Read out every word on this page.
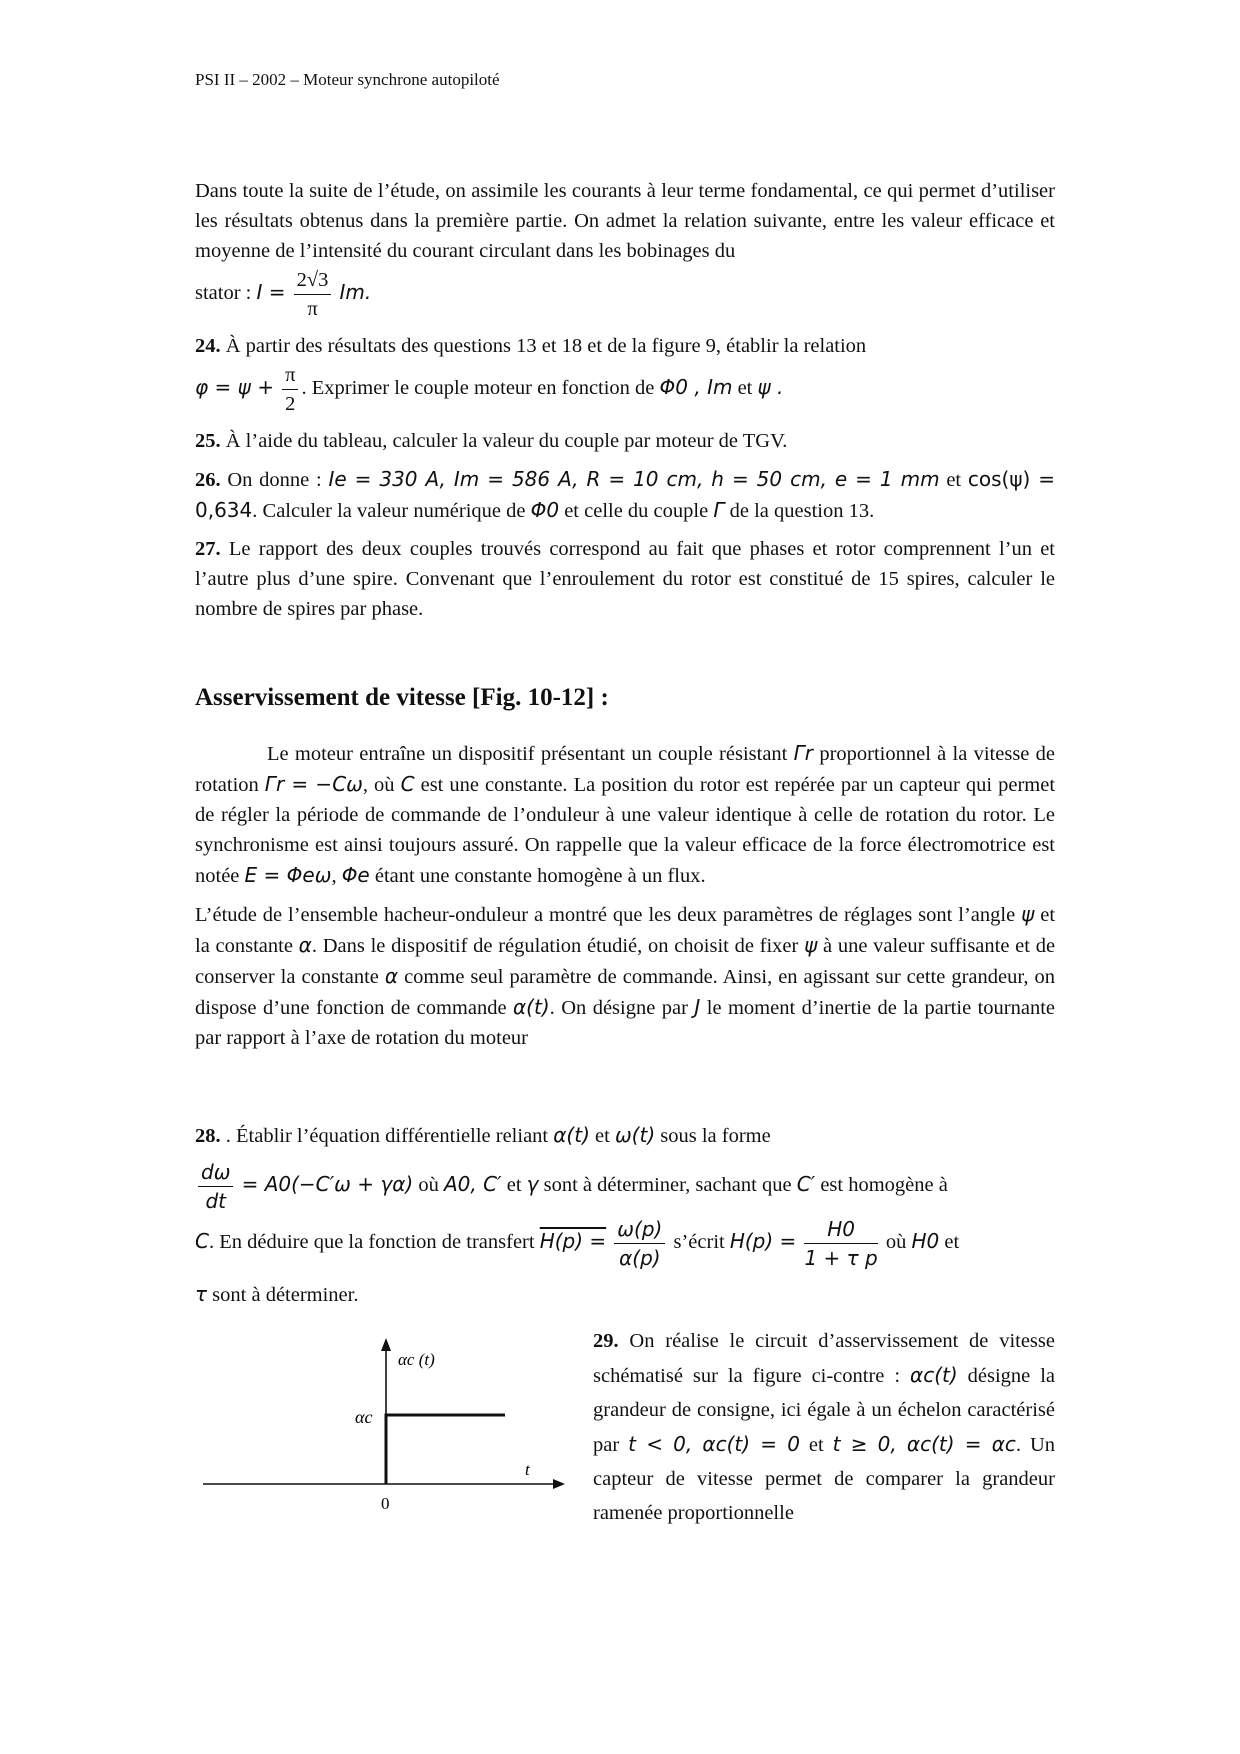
PSI II – 2002 – Moteur synchrone autopiloté

Dans toute la suite de l’étude, on assimile les courants à leur terme fondamental, ce qui permet d’utiliser les résultats obtenus dans la première partie. On admet la relation suivante, entre les valeur efficace et moyenne de l’intensité du courant circulant dans les bobinages du
stator : $I = \frac{2√3}{\pi} Im$.

24. À partir des résultats des questions 13 et 18 et de la figure 9, établir la relation
$\varphi = \psi + \frac{\pi}{2}$ . Exprimer le couple moteur en fonction de Φ0 , Im et ψ .

25. À l’aide du tableau, calculer la valeur du couple par moteur de TGV.

26. On donne : Ie = 330 A, Im = 586 A, R = 10 cm, h = 50 cm, e = 1 mm et cos(ψ) = 0,634. Calculer la valeur numérique de Φ0 et celle du couple Γ de la question 13.

27. Le rapport des deux couples trouvés correspond au fait que phases et rotor comprennent l’un et l’autre plus d’une spire. Convenant que l’enroulement du rotor est constitué de 15 spires, calculer le nombre de spires par phase.

Asservissement de vitesse [Fig. 10-12] :

Le moteur entraîne un dispositif présentant un couple résistant Γr proportionnel à la vitesse de rotation Γr = −Cω, où C est une constante. La position du rotor est repérée par un capteur qui permet de régler la période de commande de l’onduleur à une valeur identique à celle de rotation du rotor. Le synchronisme est ainsi toujours assuré. On rappelle que la valeur efficace de la force électromotrice est notée E = Φeω, Φe étant une constante homogène à un flux.

L’étude de l’ensemble hacheur-onduleur a montré que les deux paramètres de réglages sont l’angle ψ et la constante α. Dans le dispositif de régulation étudié, on choisit de fixer ψ à une valeur suffisante et de conserver la constante α comme seul paramètre de commande. Ainsi, en agissant sur cette grandeur, on dispose d’une fonction de commande α(t). On désigne par J le moment d’inertie de la partie tournante par rapport à l’axe de rotation du moteur

28. . Établir l’équation différentielle reliant α(t) et ω(t) sous la forme

$\frac{d\omega}{dt} = A0(-C'\omega + \gamma\alpha)$ où A0, C′ et γ sont à déterminer, sachant que C′ est homogène à
C. En déduire que la fonction de transfert $H(p) = \frac{\omega(p)}{\alpha(p)}$ s’écrit $H(p) = \frac{H0}{\text{1 + τ p}}$ où H0 et
τ sont à déterminer.
αc (t)
αc
t
0
29. On réalise le circuit d’asservissement de vitesse schématisé sur la figure ci-contre : αc(t) désigne la grandeur de consigne, ici égale à un échelon caractérisé par t < 0, αc(t) = 0 et t ≥ 0, αc(t) = αc. Un capteur de vitesse permet de comparer la grandeur ramenée proportionnelle
